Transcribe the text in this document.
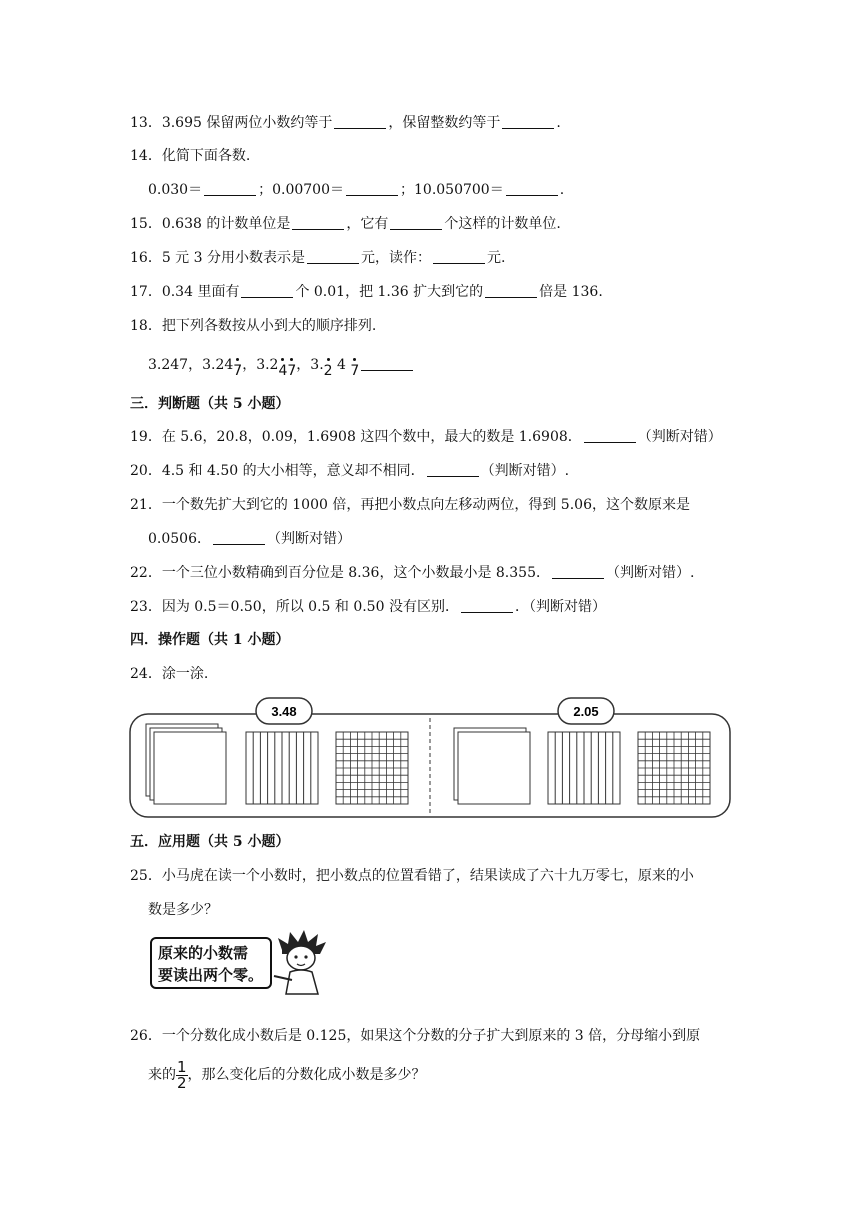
13．3.695 保留两位小数约等于	，保留整数约等于	.
14．化简下面各数.
0.030＝	；0.00700＝	；10.050700＝	.
15．0.638 的计数单位是	，它有	个这样的计数单位.
16．5 元 3 分用小数表示是	元，读作：	元.
17．0.34 里面有	个 0.01，把 1.36 扩大到它的	倍是 136.
18．把下列各数按从小到大的顺序排列.
3.247，3.247，3.247，3.2 4 7
三．判断题（共 5 小题）
19．在 5.6，20.8，0.09，1.6908 这四个数中，最大的数是 1.6908．	（判断对错）
20．4.5 和 4.50 的大小相等，意义却不相同．	（判断对错）.
21．一个数先扩大到它的 1000 倍，再把小数点向左移动两位，得到 5.06，这个数原来是
0.0506．	（判断对错）
22．一个三位小数精确到百分位是 8.36，这个小数最小是 8.355．	（判断对错）.
23．因为 0.5＝0.50，所以 0.5 和 0.50 没有区别．	．（判断对错）
四．操作题（共 1 小题）
24．涂一涂.
3.48	2.05
五．应用题（共 5 小题）
25．小马虎在读一个小数时，把小数点的位置看错了，结果读成了六十九万零七，原来的小
数是多少？
原来的小数需
要读出两个零。
26．一个分数化成小数后是 0.125，如果这个分数的分子扩大到原来的 3 倍，分母缩小到原
来的 $\frac{1}{2}$ ，那么变化后的分数化成小数是多少？
